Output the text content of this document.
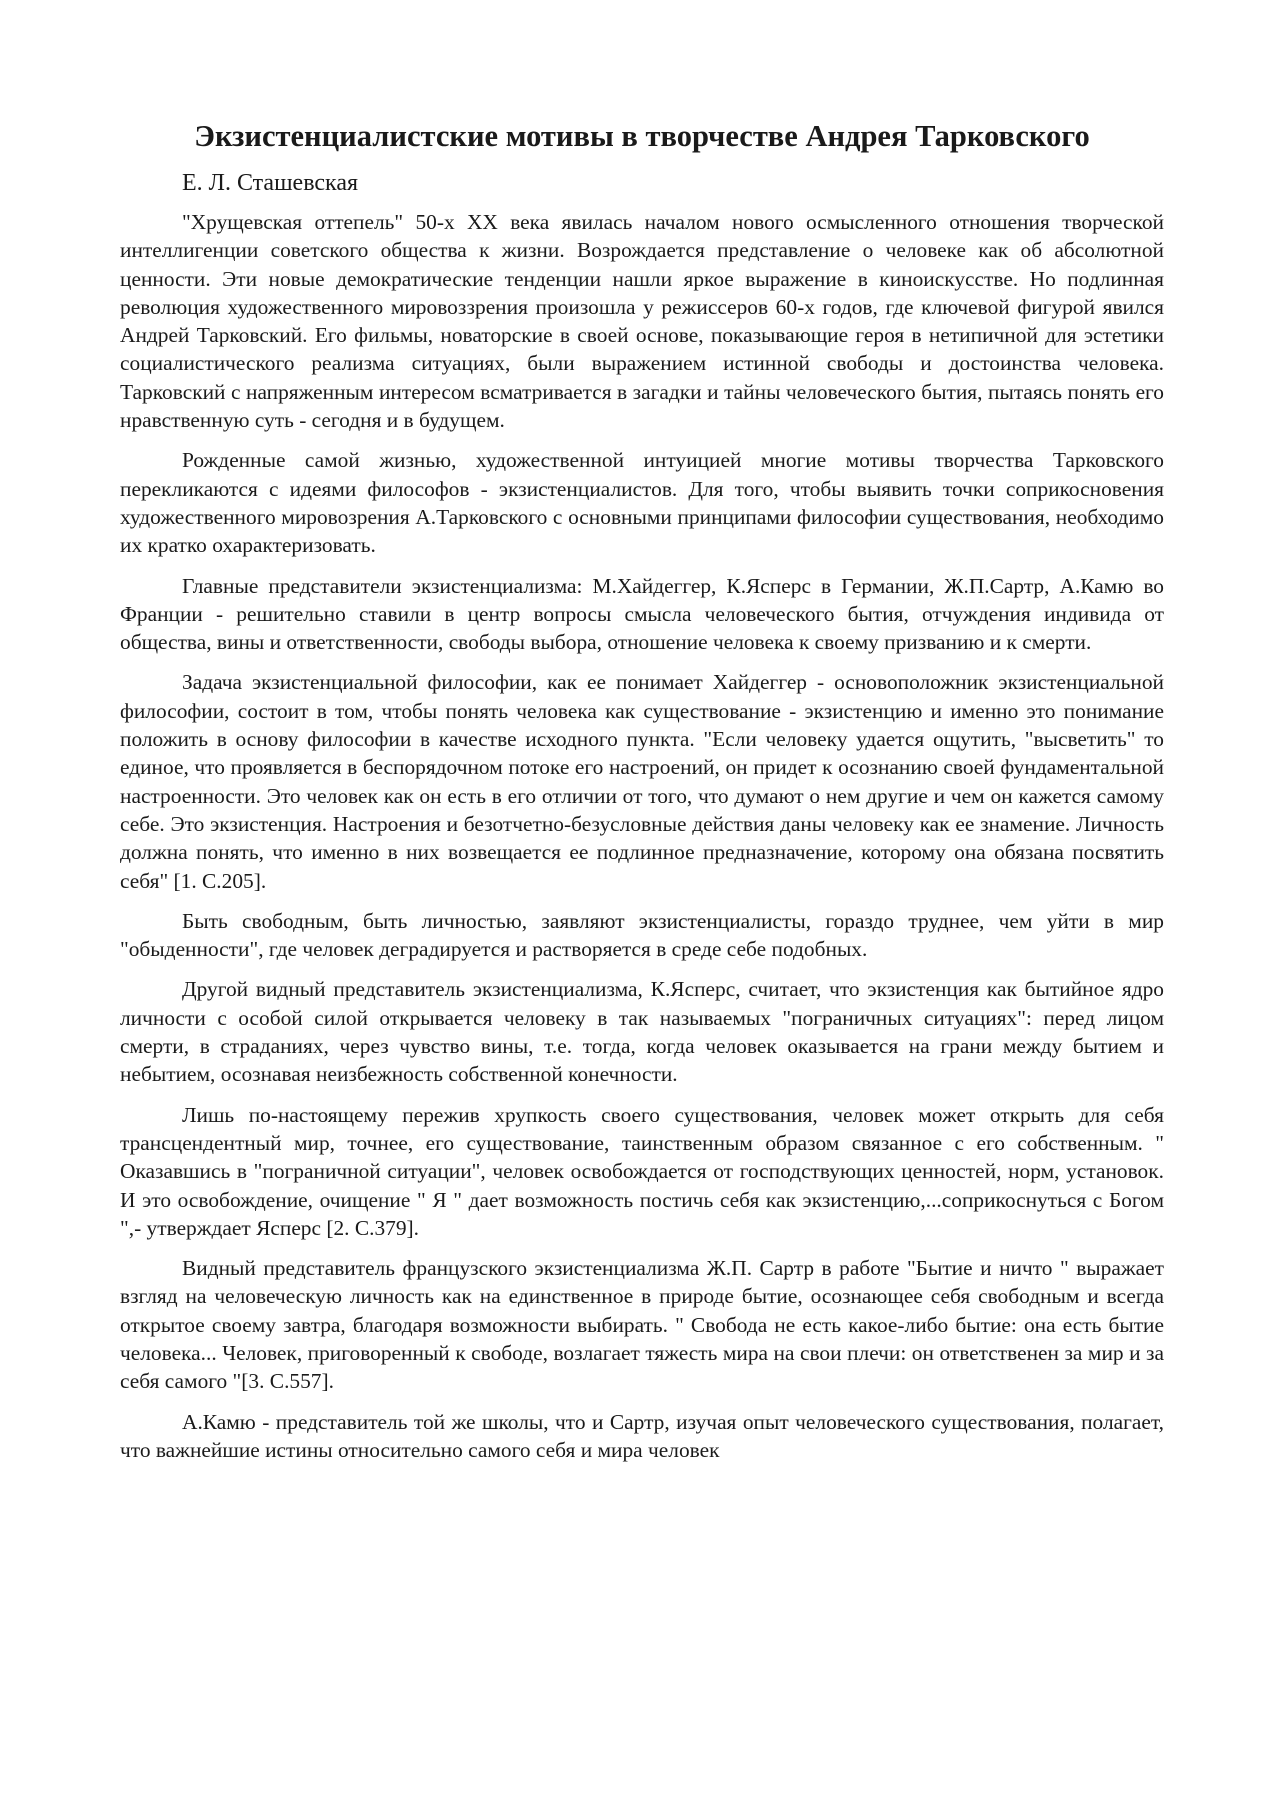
Экзистенциалистские мотивы в творчестве Андрея Тарковского

Е. Л. Сташевская

"Хрущевская оттепель" 50-х XX века явилась началом нового осмысленного отношения творческой интеллигенции советского общества к жизни. Возрождается представление о человеке как об абсолютной ценности. Эти новые демократические тенденции нашли яркое выражение в киноискусстве. Но подлинная революция художественного мировоззрения произошла у режиссеров 60-х годов, где ключевой фигурой явился Андрей Тарковский. Его фильмы, новаторские в своей основе, показывающие героя в нетипичной для эстетики социалистического реализма ситуациях, были выражением истинной свободы и достоинства человека. Тарковский с напряженным интересом всматривается в загадки и тайны человеческого бытия, пытаясь понять его нравственную суть - сегодня и в будущем.

Рожденные самой жизнью, художественной интуицией многие мотивы творчества Тарковского перекликаются с идеями философов - экзистенциалистов. Для того, чтобы выявить точки соприкосновения художественного мировозрения А.Тарковского с основными принципами философии существования, необходимо их кратко охарактеризовать.

Главные представители экзистенциализма: М.Хайдеггер, К.Ясперс в Германии, Ж.П.Сартр, А.Камю во Франции - решительно ставили в центр вопросы смысла человеческого бытия, отчуждения индивида от общества, вины и ответственности, свободы выбора, отношение человека к своему призванию и к смерти.

Задача экзистенциальной философии, как ее понимает Хайдеггер - основоположник экзистенциальной философии, состоит в том, чтобы понять человека как существование - экзистенцию и именно это понимание положить в основу философии в качестве исходного пункта. "Если человеку удается ощутить, "высветить" то единое, что проявляется в беспорядочном потоке его настроений, он придет к осознанию своей фундаментальной настроенности. Это человек как он есть в его отличии от того, что думают о нем другие и чем он кажется самому себе. Это экзистенция. Настроения и безотчетно-безусловные действия даны человеку как ее знамение. Личность должна понять, что именно в них возвещается ее подлинное предназначение, которому она обязана посвятить себя" [1. С.205].

Быть свободным, быть личностью, заявляют экзистенциалисты, гораздо труднее, чем уйти в мир "обыденности", где человек деградируется и растворяется в среде себе подобных.

Другой видный представитель экзистенциализма, К.Ясперс, считает, что экзистенция как бытийное ядро личности с особой силой открывается человеку в так называемых "пограничных ситуациях": перед лицом смерти, в страданиях, через чувство вины, т.е. тогда, когда человек оказывается на грани между бытием и небытием, осознавая неизбежность собственной конечности.

Лишь по-настоящему пережив хрупкость своего существования, человек может открыть для себя трансцендентный мир, точнее, его существование, таинственным образом связанное с его собственным. " Оказавшись в "пограничной ситуации", человек освобождается от господствующих ценностей, норм, установок. И это освобождение, очищение " Я " дает возможность постичь себя как экзистенцию,...соприкоснуться с Богом ",- утверждает Ясперс [2. С.379].

Видный представитель французского экзистенциализма Ж.П. Сартр в работе "Бытие и ничто " выражает взгляд на человеческую личность как на единственное в природе бытие, осознающее себя свободным и всегда открытое своему завтра, благодаря возможности выбирать. " Свобода не есть какое-либо бытие: она есть бытие человека... Человек, приговоренный к свободе, возлагает тяжесть мира на свои плечи: он ответственен за мир и за себя самого "[3. С.557].

А.Камю - представитель той же школы, что и Сартр, изучая опыт человеческого существования, полагает, что важнейшие истины относительно самого себя и мира человек
